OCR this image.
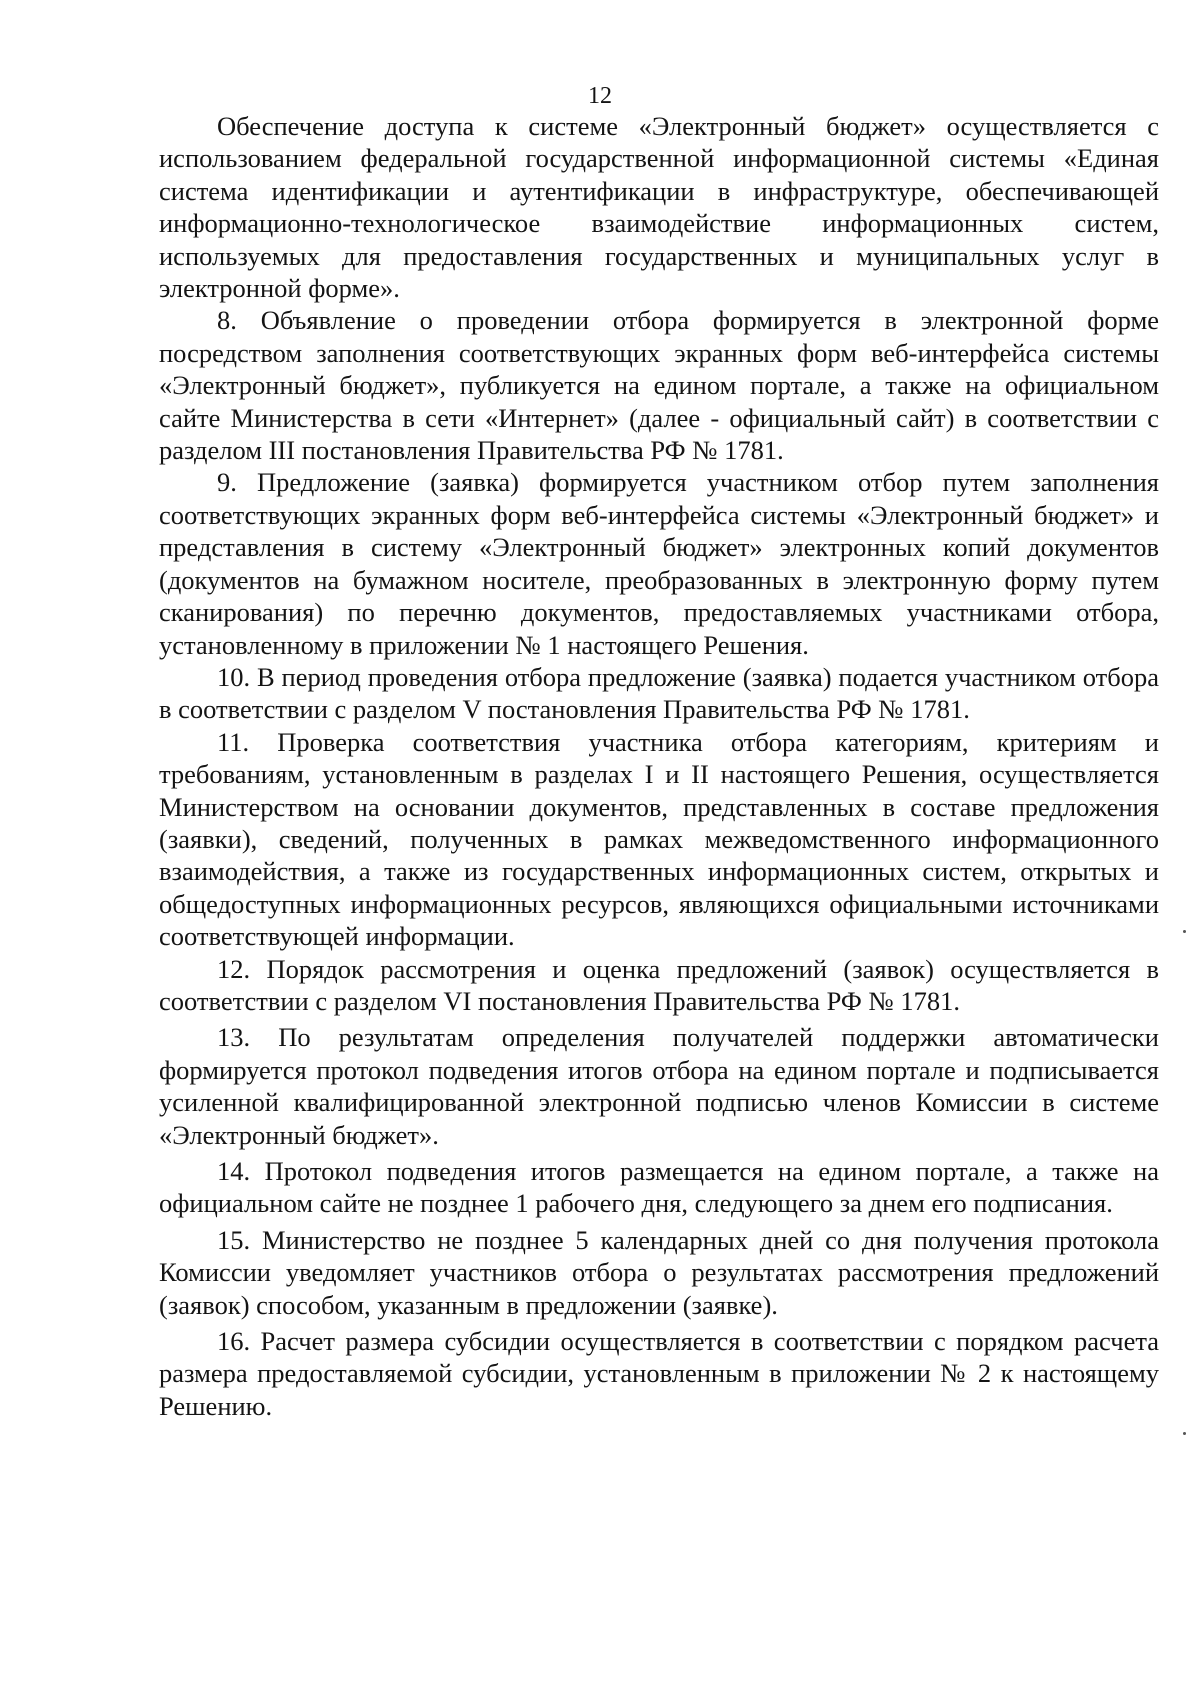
12

Обеспечение доступа к системе «Электронный бюджет» осуществляется с использованием федеральной государственной информационной системы «Единая система идентификации и аутентификации в инфраструктуре, обеспечивающей информационно-технологическое взаимодействие информационных систем, используемых для предоставления государственных и муниципальных услуг в электронной форме».

8. Объявление о проведении отбора формируется в электронной форме посредством заполнения соответствующих экранных форм веб-интерфейса системы «Электронный бюджет», публикуется на едином портале, а также на официальном сайте Министерства в сети «Интернет» (далее - официальный сайт) в соответствии с разделом III постановления Правительства РФ № 1781.

9. Предложение (заявка) формируется участником отбор путем заполнения соответствующих экранных форм веб-интерфейса системы «Электронный бюджет» и представления в систему «Электронный бюджет» электронных копий документов (документов на бумажном носителе, преобразованных в электронную форму путем сканирования) по перечню документов, предоставляемых участниками отбора, установленному в приложении № 1 настоящего Решения.

10. В период проведения отбора предложение (заявка) подается участником отбора в соответствии с разделом V постановления Правительства РФ № 1781.

11. Проверка соответствия участника отбора категориям, критериям и требованиям, установленным в разделах I и II настоящего Решения, осуществляется Министерством на основании документов, представленных в составе предложения (заявки), сведений, полученных в рамках межведомственного информационного взаимодействия, а также из государственных информационных систем, открытых и общедоступных информационных ресурсов, являющихся официальными источниками соответствующей информации.

12. Порядок рассмотрения и оценка предложений (заявок) осуществляется в соответствии с разделом VI постановления Правительства РФ № 1781.

13. По результатам определения получателей поддержки автоматически формируется протокол подведения итогов отбора на едином портале и подписывается усиленной квалифицированной электронной подписью членов Комиссии в системе «Электронный бюджет».

14. Протокол подведения итогов размещается на едином портале, а также на официальном сайте не позднее 1 рабочего дня, следующего за днем его подписания.

15. Министерство не позднее 5 календарных дней со дня получения протокола Комиссии уведомляет участников отбора о результатах рассмотрения предложений (заявок) способом, указанным в предложении (заявке).

16. Расчет размера субсидии осуществляется в соответствии с порядком расчета размера предоставляемой субсидии, установленным в приложении № 2 к настоящему Решению.
